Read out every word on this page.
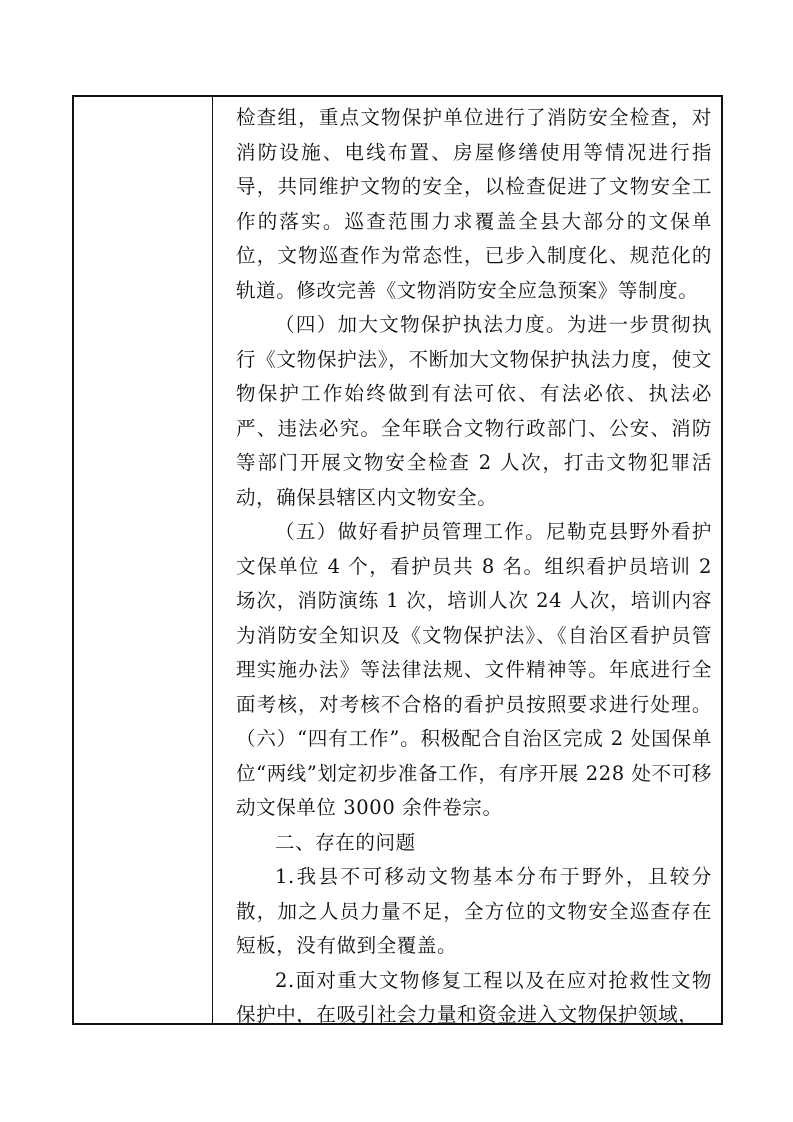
检查组，重点文物保护单位进行了消防安全检查，对消防设施、电线布置、房屋修缮使用等情况进行指导，共同维护文物的安全，以检查促进了文物安全工作的落实。巡查范围力求覆盖全县大部分的文保单位，文物巡查作为常态性，已步入制度化、规范化的轨道。修改完善《文物消防安全应急预案》等制度。

（四）加大文物保护执法力度。为进一步贯彻执行《文物保护法》，不断加大文物保护执法力度，使文物保护工作始终做到有法可依、有法必依、执法必严、违法必究。全年联合文物行政部门、公安、消防等部门开展文物安全检查 2 人次，打击文物犯罪活动，确保县辖区内文物安全。

（五）做好看护员管理工作。尼勒克县野外看护文保单位 4 个，看护员共 8 名。组织看护员培训 2 场次，消防演练 1 次，培训人次 24 人次，培训内容为消防安全知识及《文物保护法》、《自治区看护员管理实施办法》等法律法规、文件精神等。年底进行全面考核，对考核不合格的看护员按照要求进行处理。（六）“四有工作”。积极配合自治区完成 2 处国保单位“两线”划定初步准备工作，有序开展 228 处不可移动文保单位 3000 余件卷宗。

二、存在的问题

1.我县不可移动文物基本分布于野外，且较分散，加之人员力量不足，全方位的文物安全巡查存在短板，没有做到全覆盖。

2.面对重大文物修复工程以及在应对抢救性文物保护中，在吸引社会力量和资金进入文物保护领域，
